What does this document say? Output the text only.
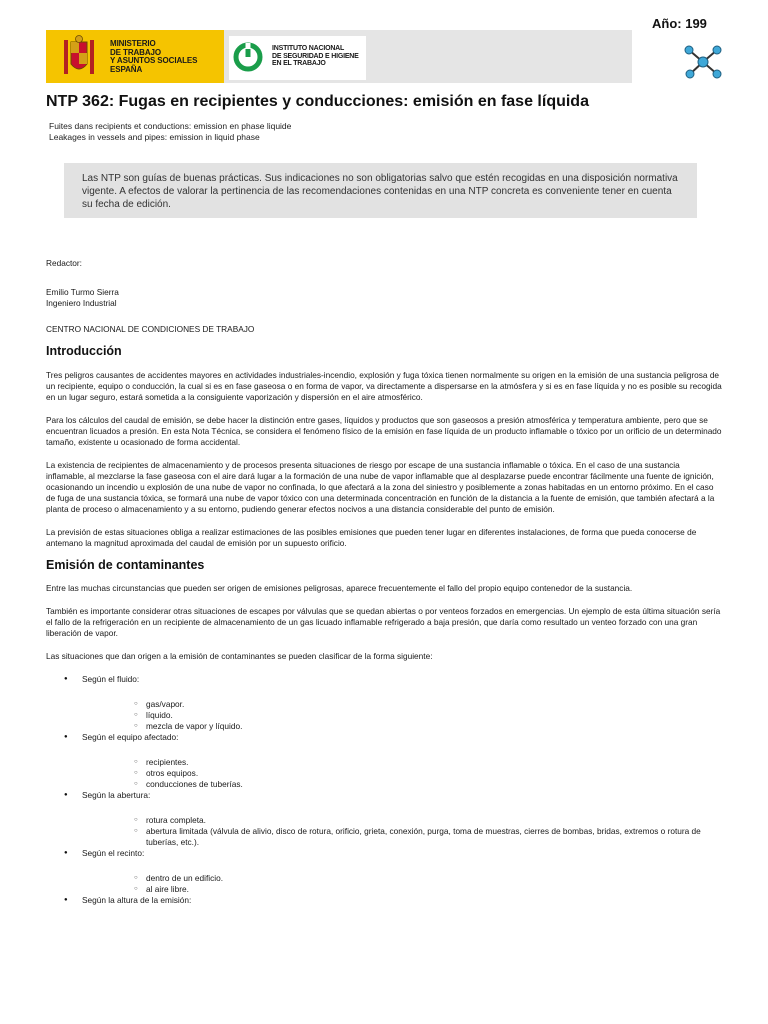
Año: 199
MINISTERIO
DE TRABAJO
Y ASUNTOS SOCIALES
ESPAÑA
INSTITUTO NACIONAL
DE SEGURIDAD E HIGIENE
EN EL TRABAJO
NTP 362: Fugas en recipientes y conducciones: emisión en fase líquida
Fuites dans recipients et conductions: emission en phase liquide
Leakages in vessels and pipes: emission in liquid phase
Las NTP son guías de buenas prácticas. Sus indicaciones no son obligatorias salvo que estén recogidas en una disposición normativa vigente. A efectos de valorar la pertinencia de las recomendaciones contenidas en una NTP concreta es conveniente tener en cuenta su fecha de edición.

Redactor:

Emilio Turmo Sierra

Ingeniero Industrial

CENTRO NACIONAL DE CONDICIONES DE TRABAJO

Introducción

Tres peligros causantes de accidentes mayores en actividades industriales-incendio, explosión y fuga tóxica tienen normalmente su origen en la emisión de una sustancia peligrosa de un recipiente, equipo o conducción, la cual si es en fase gaseosa o en forma de vapor, va directamente a dispersarse en la atmósfera y si es en fase líquida y no es posible su recogida en un lugar seguro, estará sometida a la consiguiente vaporización y dispersión en el aire atmosférico.

Para los cálculos del caudal de emisión, se debe hacer la distinción entre gases, líquidos y productos que son gaseosos a presión atmosférica y temperatura ambiente, pero que se encuentran licuados a presión. En esta Nota Técnica, se considera el fenómeno físico de la emisión en fase líquida de un producto inflamable o tóxico por un orificio de un determinado tamaño, existente u ocasionado de forma accidental.

La existencia de recipientes de almacenamiento y de procesos presenta situaciones de riesgo por escape de una sustancia inflamable o tóxica. En el caso de una sustancia inflamable, al mezclarse la fase gaseosa con el aire dará lugar a la formación de una nube de vapor inflamable que al desplazarse puede encontrar fácilmente una fuente de ignición, ocasionando un incendio u explosión de una nube de vapor no confinada, lo que afectará a la zona del siniestro y posiblemente a zonas habitadas en un entorno próximo. En el caso de fuga de una sustancia tóxica, se formará una nube de vapor tóxico con una determinada concentración en función de la distancia a la fuente de emisión, que también afectará a la planta de proceso o almacenamiento y a su entorno, pudiendo generar efectos nocivos a una distancia considerable del punto de emisión.

La previsión de estas situaciones obliga a realizar estimaciones de las posibles emisiones que pueden tener lugar en diferentes instalaciones, de forma que pueda conocerse de antemano la magnitud aproximada del caudal de emisión por un supuesto orificio.

Emisión de contaminantes

Entre las muchas circunstancias que pueden ser origen de emisiones peligrosas, aparece frecuentemente el fallo del propio equipo contenedor de la sustancia.

También es importante considerar otras situaciones de escapes por válvulas que se quedan abiertas o por venteos forzados en emergencias. Un ejemplo de esta última situación sería el fallo de la refrigeración en un recipiente de almacenamiento de un gas licuado inflamable refrigerado a baja presión, que daría como resultado un venteo forzado con una gran liberación de vapor.

Las situaciones que dan origen a la emisión de contaminantes se pueden clasificar de la forma siguiente:

● Según el fluido:
○ gas/vapor.
○ líquido.
○ mezcla de vapor y líquido.
● Según el equipo afectado:
○ recipientes.
○ otros equipos.
○ conducciones de tuberías.
● Según la abertura:
○ rotura completa.
○ abertura limitada (válvula de alivio, disco de rotura, orificio, grieta, conexión, purga, toma de muestras, cierres de bombas, bridas, extremos o rotura de tuberías, etc.).
● Según el recinto:
○ dentro de un edificio.
○ al aire libre.
● Según la altura de la emisión:
